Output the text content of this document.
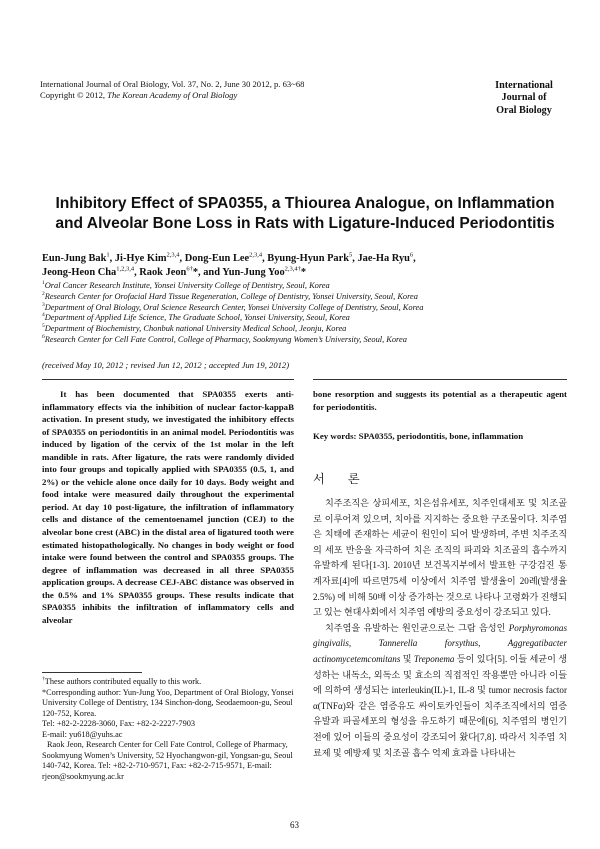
International Journal of Oral Biology, Vol. 37, No. 2, June 30 2012, p. 63~68
Copyright © 2012, The Korean Academy of Oral Biology
International
Journal of
Oral Biology
Inhibitory Effect of SPA0355, a Thiourea Analogue, on Inflammation and Alveolar Bone Loss in Rats with Ligature-Induced Periodontitis
Eun-Jung Bak$^1$, Ji-Hye Kim$^{2,3,4}$, Dong-Eun Lee$^{2,3,4}$, Byung-Hyun Park$^5$, Jae-Ha Ryu$^6$,
Jeong-Heon Cha$^{1,2,3,4}$, Raok Jeon$^{6\dagger}$*, and Yun-Jung Yoo$^{2,3,4\dagger}$*
$^1$Oral Cancer Research Institute, Yonsei University College of Dentistry, Seoul, Korea
$^2$Research Center for Orofacial Hard Tissue Regeneration, College of Dentistry, Yonsei University, Seoul, Korea
$^3$Department of Oral Biology, Oral Science Research Center, Yonsei University College of Dentistry, Seoul, Korea
$^4$Department of Applied Life Science, The Graduate School, Yonsei University, Seoul, Korea
$^5$Department of Biochemistry, Chonbuk national University Medical School, Jeonju, Korea
$^6$Research Center for Cell Fate Control, College of Pharmacy, Sookmyung Women’s University, Seoul, Korea
(received May 10, 2012 ; revised Jun 12, 2012 ; accepted Jun 19, 2012)
It has been documented that SPA0355 exerts anti-inflammatory effects via the inhibition of nuclear factor-kappaB activation. In present study, we investigated the inhibitory effects of SPA0355 on periodontitis in an animal model. Periodontitis was induced by ligation of the cervix of the 1st molar in the left mandible in rats. After ligature, the rats were randomly divided into four groups and topically applied with SPA0355 (0.5, 1, and 2%) or the vehicle alone once daily for 10 days. Body weight and food intake were measured daily throughout the experimental period. At day 10 post-ligature, the infiltration of inflammatory cells and distance of the cementoenamel junction (CEJ) to the alveolar bone crest (ABC) in the distal area of ligatured tooth were estimated histopathologically. No changes in body weight or food intake were found between the control and SPA0355 groups. The degree of inflammation was decreased in all three SPA0355 application groups. A decrease CEJ-ABC distance was observed in the 0.5% and 1% SPA0355 groups. These results indicate that SPA0355 inhibits the infiltration of inflammatory cells and alveolar
bone resorption and suggests its potential as a therapeutic agent for periodontitis.
Key words: SPA0355, periodontitis, bone, inflammation
서 론
치주조직은 상피세포, 치은섬유세포, 치주인대세포 및 치조골로 이루어져 있으며, 치아를 지지하는 중요한 구조물이다. 치주염은 치태에 존재하는 세균이 원인이 되어 발생하며, 주변 치주조직의 세포 반응을 자극하여 치은 조직의 파괴와 치조골의 흡수까지 유발하게 된다[1-3]. 2010년 보건복지부에서 발표한 구강검진 통계자료[4]에 따르면75세 이상에서 치주염 발생율이 20례(발생율 2.5%) 에 비해 50배 이상 증가하는 것으로 나타나 고령화가 진행되고 있는 현대사회에서 치주염 예방의 중요성이 강조되고 있다.
치주염을 유발하는 원인균으로는 그람 음성인 Porphyromonas gingivalis, Tannerella forsythus, Aggregatibacter actinomycetemcomitans 및 Treponema 등이 있다[5]. 이들 세균이 생성하는 내독소, 외독소 및 효소의 직접적인 작용뿐만 아니라 이들에 의하여 생성되는 interleukin(IL)-1, IL-8 및 tumor necrosis factor α(TNFα)와 같은 염증유도 싸이토카인들이 치주조직에서의 염증 유발과 파골세포의 형성을 유도하기 때문에[6], 치주염의 병인기전에 있어 이들의 중요성이 강조되어 왔다[7,8]. 따라서 치주염 치료제 및 예방제 및 치조골 흡수 억제 효과를 나타내는

†These authors contributed equally to this work.

*Corresponding author: Yun-Jung Yoo, Department of Oral Biology, Yonsei University College of Dentistry, 134 Sinchon-dong, Seodaemoon-gu, Seoul 120-752, Korea.

Tel: +82-2-2228-3060, Fax: +82-2-2227-7903

E-mail: yu618@yuhs.ac

Raok Jeon, Research Center for Cell Fate Control, College of Pharmacy, Sookmyung Women’s University, 52 Hyochangwon-gil, Yongsan-gu, Seoul 140-742, Korea. Tel: +82-2-710-9571, Fax: +82-2-715-9571, E-mail: rjeon@sookmyung.ac.kr

63
